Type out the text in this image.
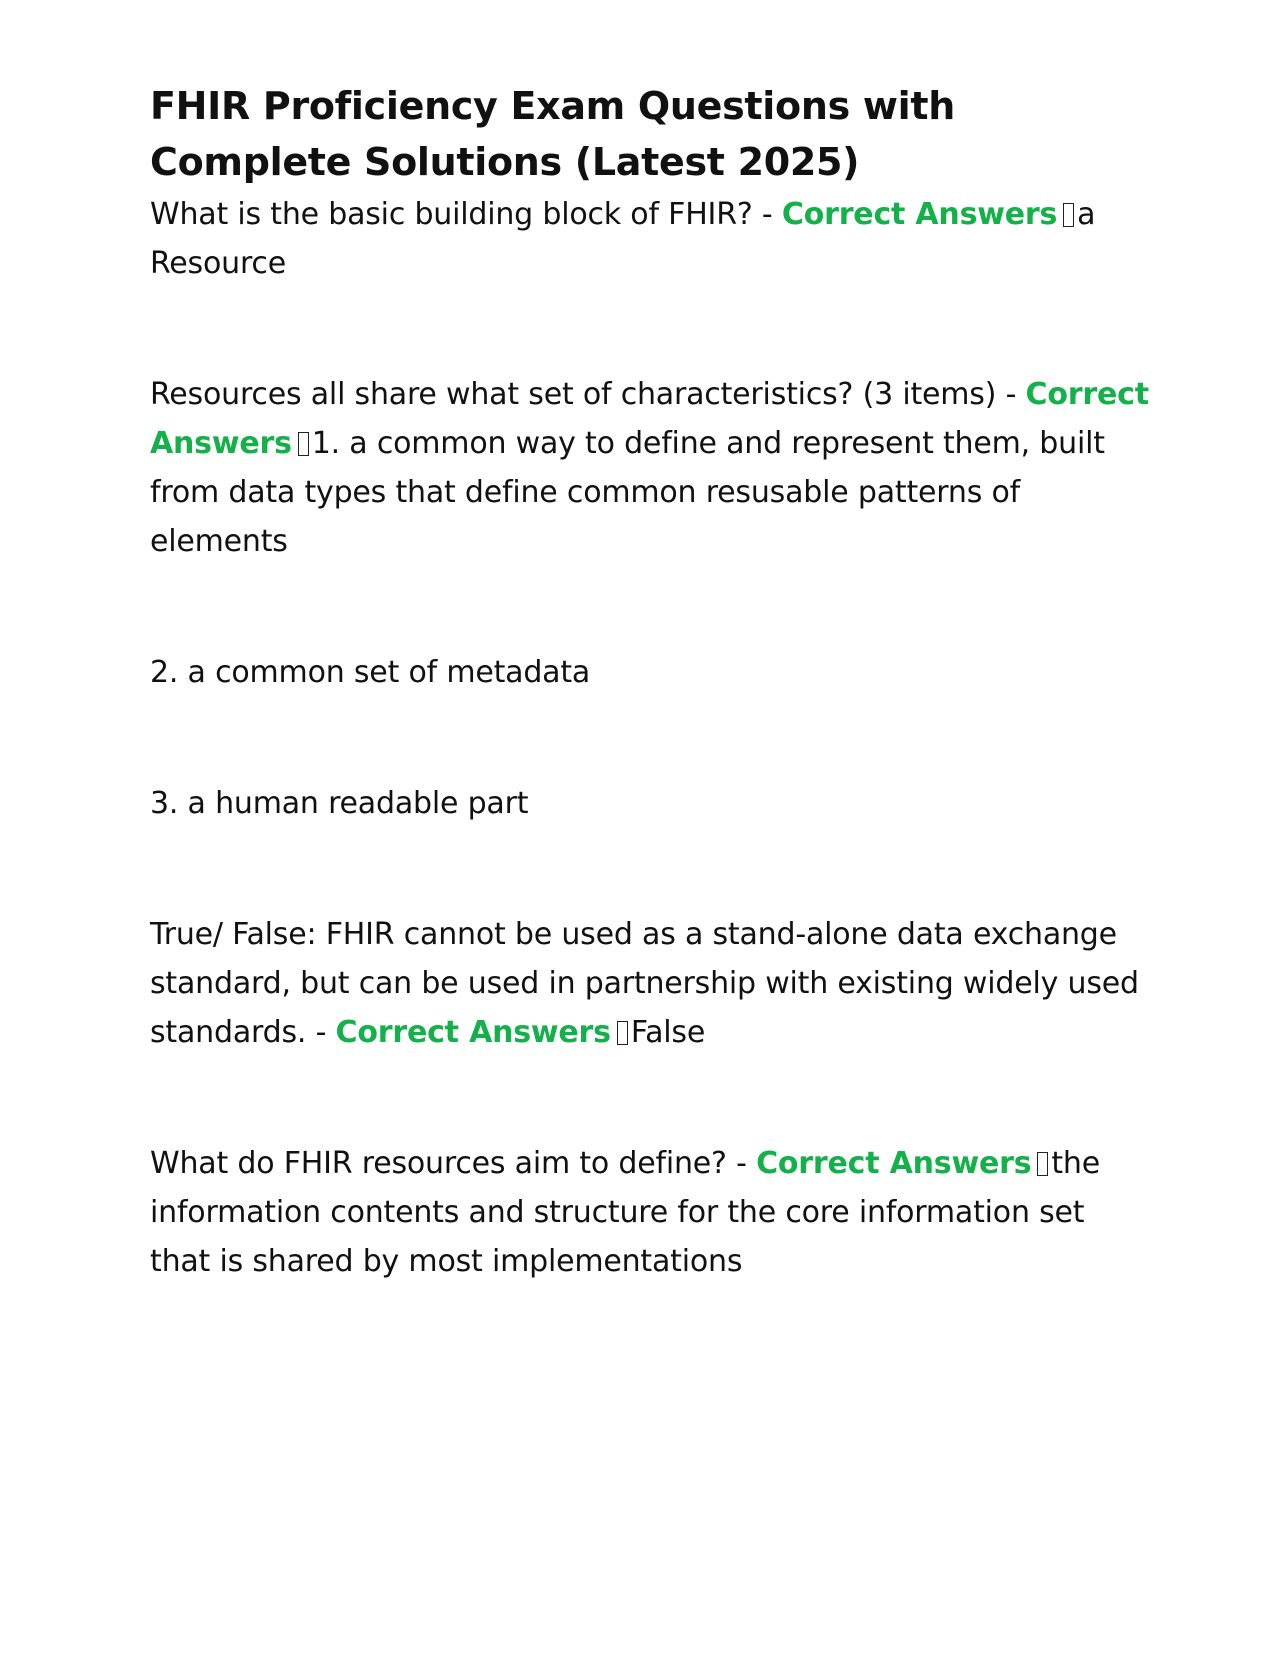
FHIR Proficiency Exam Questions with Complete Solutions (Latest 2025)

What is the basic building block of FHIR? - Correct Answers a Resource

Resources all share what set of characteristics? (3 items) - Correct Answers 1. a common way to define and represent them, built from data types that define common resusable patterns of elements

2. a common set of metadata

3. a human readable part

True/ False: FHIR cannot be used as a stand-alone data exchange standard, but can be used in partnership with existing widely used standards. - Correct Answers False

What do FHIR resources aim to define? - Correct Answers the information contents and structure for the core information set that is shared by most implementations
